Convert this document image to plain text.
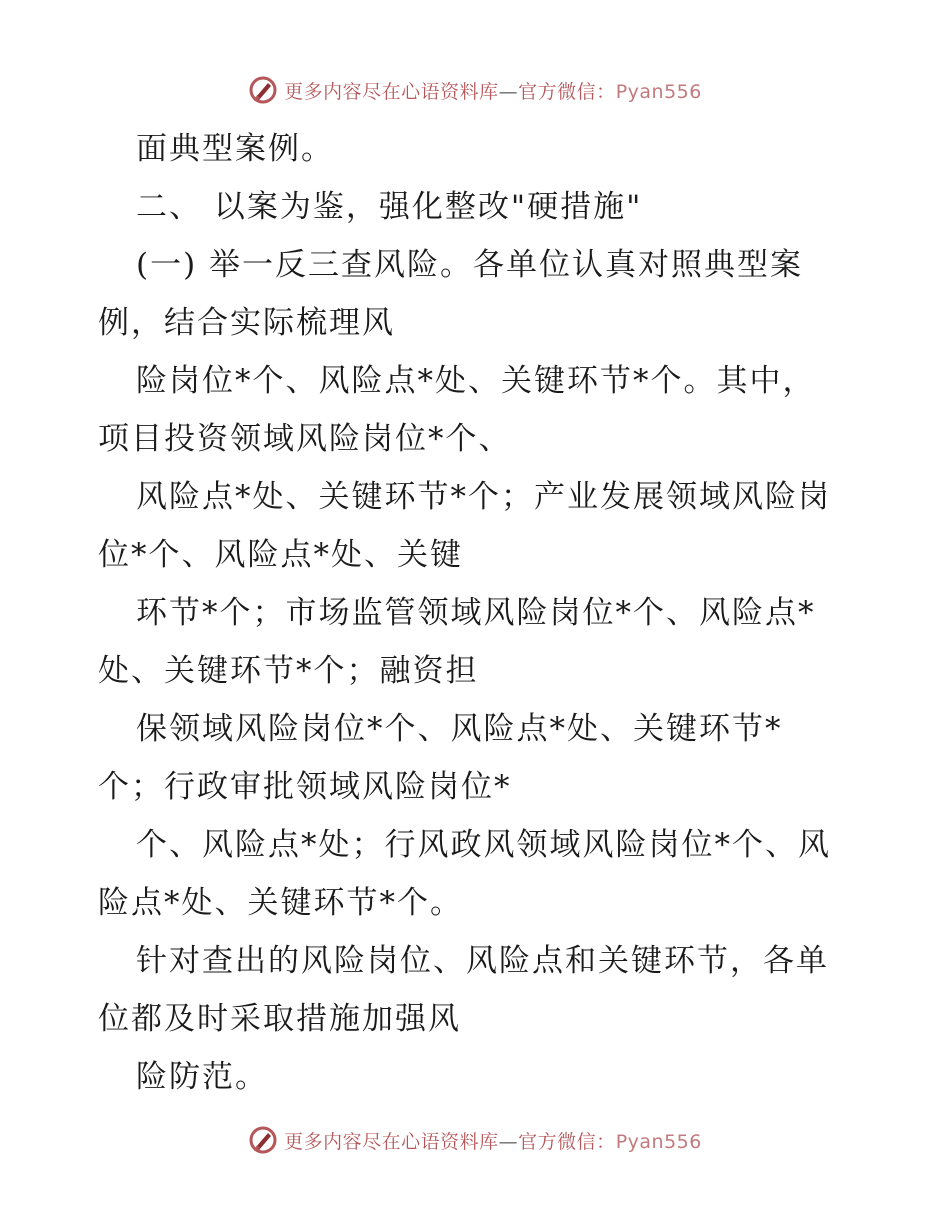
更多内容尽在心语资料库—官方微信：Pyan556
面典型案例。
二、 以案为鉴，强化整改"硬措施"
(一) 举一反三查风险。各单位认真对照典型案
例，结合实际梳理风
险岗位*个、风险点*处、关键环节*个。其中，
项目投资领域风险岗位*个、
风险点*处、关键环节*个；产业发展领域风险岗
位*个、风险点*处、关键
环节*个；市场监管领域风险岗位*个、风险点*
处、关键环节*个；融资担
保领域风险岗位*个、风险点*处、关键环节*
个；行政审批领域风险岗位*
个、风险点*处；行风政风领域风险岗位*个、风
险点*处、关键环节*个。
针对查出的风险岗位、风险点和关键环节，各单
位都及时采取措施加强风
险防范。
更多内容尽在心语资料库—官方微信：Pyan556
